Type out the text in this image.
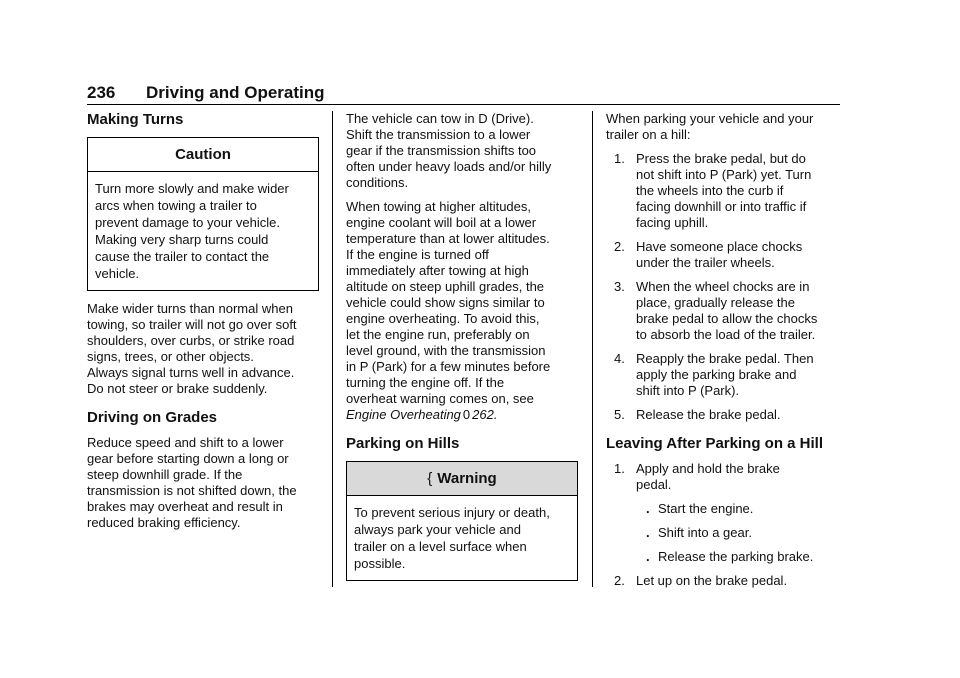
236 Driving and Operating
Making Turns
Caution
Turn more slowly and make wider
arcs when towing a trailer to
prevent damage to your vehicle.
Making very sharp turns could
cause the trailer to contact the
vehicle.

Make wider turns than normal when
towing, so trailer will not go over soft
shoulders, over curbs, or strike road
signs, trees, or other objects.
Always signal turns well in advance.
Do not steer or brake suddenly.

Driving on Grades

Reduce speed and shift to a lower
gear before starting down a long or
steep downhill grade. If the
transmission is not shifted down, the
brakes may overheat and result in
reduced braking efficiency.

The vehicle can tow in D (Drive).
Shift the transmission to a lower
gear if the transmission shifts too
often under heavy loads and/or hilly
conditions.

When towing at higher altitudes,
engine coolant will boil at a lower
temperature than at lower altitudes.
If the engine is turned off
immediately after towing at high
altitude on steep uphill grades, the
vehicle could show signs similar to
engine overheating. To avoid this,
let the engine run, preferably on
level ground, with the transmission
in P (Park) for a few minutes before
turning the engine off. If the
overheat warning comes on, see
Engine Overheating 0 262.

Parking on Hills
{ Warning
To prevent serious injury or death,
always park your vehicle and
trailer on a level surface when
possible.

When parking your vehicle and your
trailer on a hill:

1. Press the brake pedal, but do
not shift into P (Park) yet. Turn
the wheels into the curb if
facing downhill or into traffic if
facing uphill.
2. Have someone place chocks
under the trailer wheels.
3. When the wheel chocks are in
place, gradually release the
brake pedal to allow the chocks
to absorb the load of the trailer.
4. Reapply the brake pedal. Then
apply the parking brake and
shift into P (Park).
5. Release the brake pedal.
Leaving After Parking on a Hill
1. Apply and hold the brake
pedal.
. Start the engine.
. Shift into a gear.
. Release the parking brake.
2. Let up on the brake pedal.
